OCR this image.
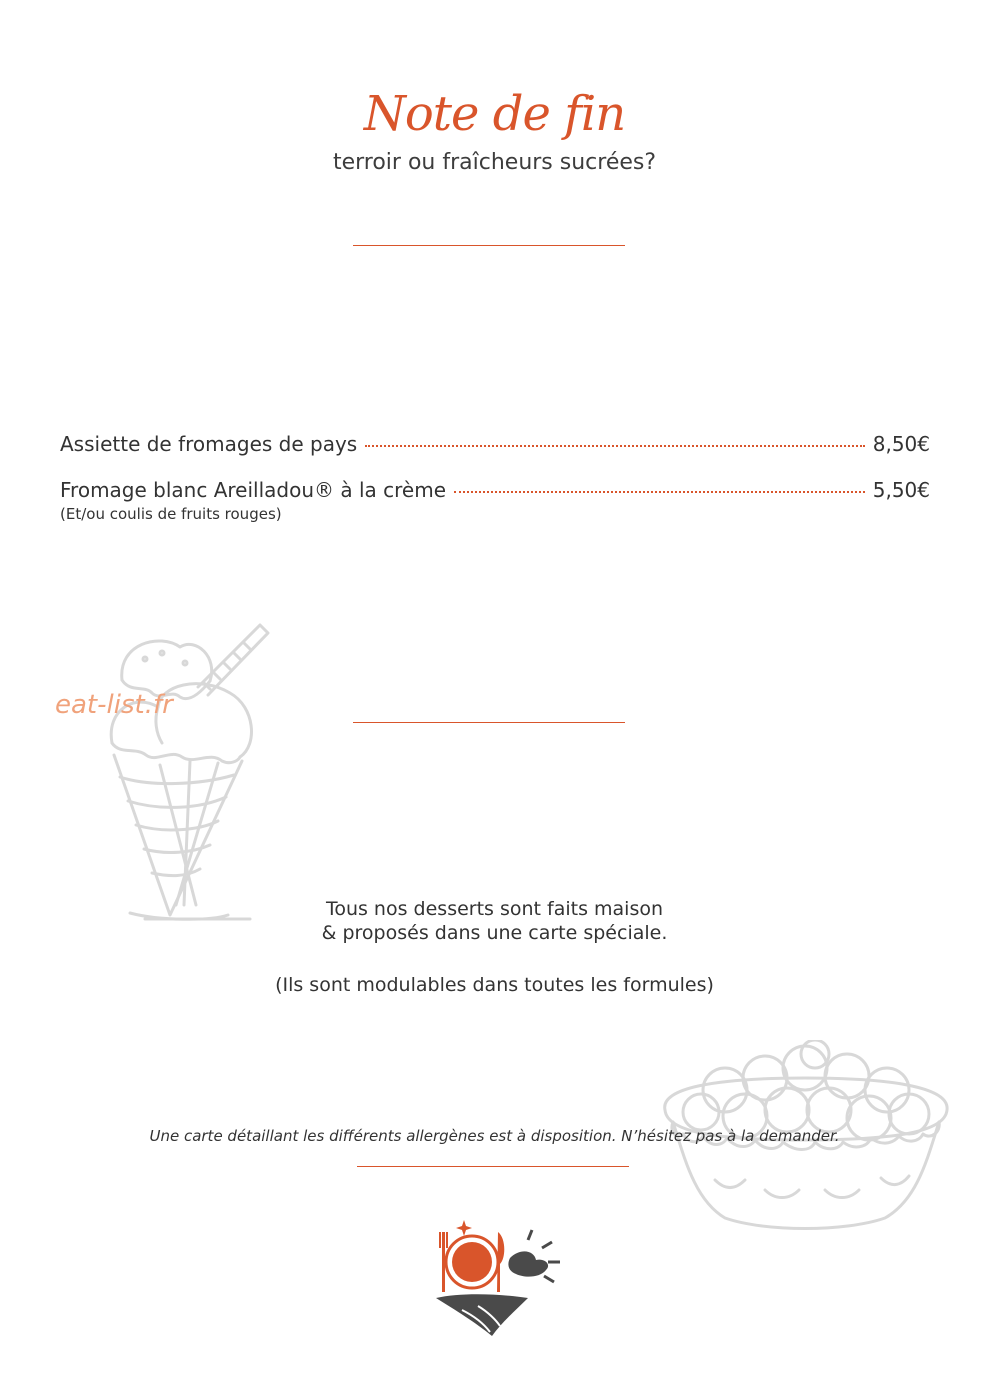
Note de fin
terroir ou fraîcheurs sucrées?
Assiette de fromages de pays	8,50€
Fromage blanc Areilladou® à la crème	5,50€
(Et/ou coulis de fruits rouges)
eat-list.fr
Tous nos desserts sont faits maison
& proposés dans une carte spéciale.
(Ils sont modulables dans toutes les formules)
Une carte détaillant les différents allergènes est à disposition. N’hésitez pas à la demander.
